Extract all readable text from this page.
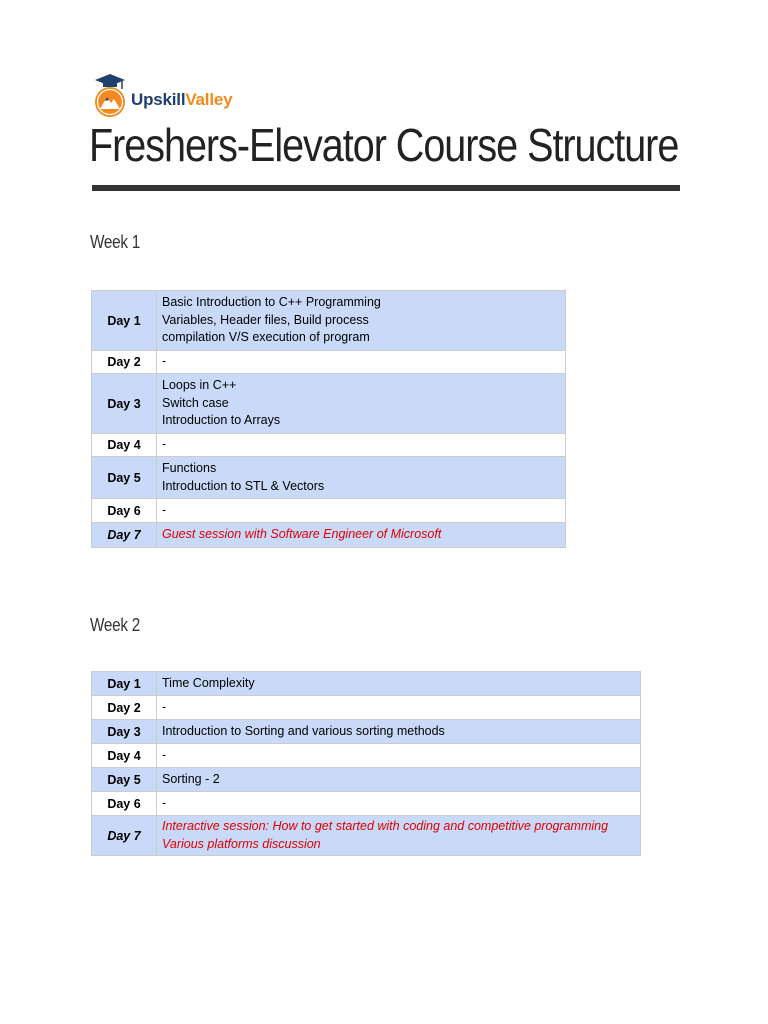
UpskillValley
Freshers-Elevator Course Structure
Week 1
Day 1	Basic Introduction to C++ Programming
Variables, Header files, Build process
compilation V/S execution of program

Day 2	-

Day 3	Loops in C++
Switch case
Introduction to Arrays

Day 4	-

Day 5	Functions
Introduction to STL & Vectors

Day 6	-

Day 7	Guest session with Software Engineer of Microsoft
Week 2
Day 1	Time Complexity

Day 2	-

Day 3	Introduction to Sorting and various sorting methods

Day 4	-

Day 5	Sorting - 2

Day 6	-

Day 7	Interactive session: How to get started with coding and competitive programming
Various platforms discussion
